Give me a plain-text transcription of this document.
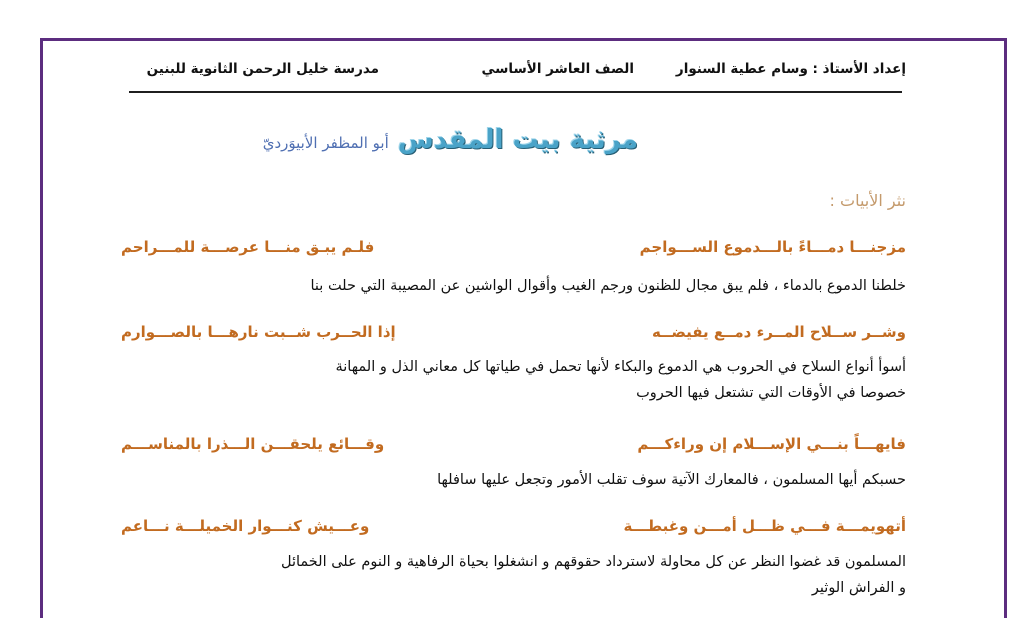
إعداد الأستاذ : وسام عطية السنوار
الصف العاشر الأساسي
مدرسة خليل الرحمن الثانوية للبنين
مرثية بيت المقدس أبو المظفر الأبيوَرديّ
نثر الأبيات :
مزجنـــا دمـــاءً بالـــدموع الســـواجم
فلـم يبـق منـــا عرصـــة للمـــراحم
خلطنا الدموع بالدماء ، فلم يبق مجال للظنون ورجم الغيب وأقوال الواشين عن المصيبة التي حلت بنا
وشــر ســلاح المــرء دمــع يفيضــه
إذا الحــرب شــبت نارهـــا بالصـــوارم
أسوأ أنواع السلاح في الحروب هي الدموع والبكاء لأنها تحمل في طياتها كل معاني الذل و المهانة
خصوصا في الأوقات التي تشتعل فيها الحروب
فايهـــاً بنـــي الإســـلام إن وراءكـــم
وقـــائع يلحقـــن الـــذرا بالمناســـم
حسبكم أيها المسلمون ، فالمعارك الآتية سوف تقلب الأمور وتجعل عليها سافلها
أتهويمـــة فـــي ظـــل أمـــن وغبطـــة
وعـــيش كنـــوار الخميلـــة نـــاعم
المسلمون قد غضوا النظر عن كل محاولة لاسترداد حقوقهم و انشغلوا بحياة الرفاهية و النوم على الخمائل
و الفراش الوثير
